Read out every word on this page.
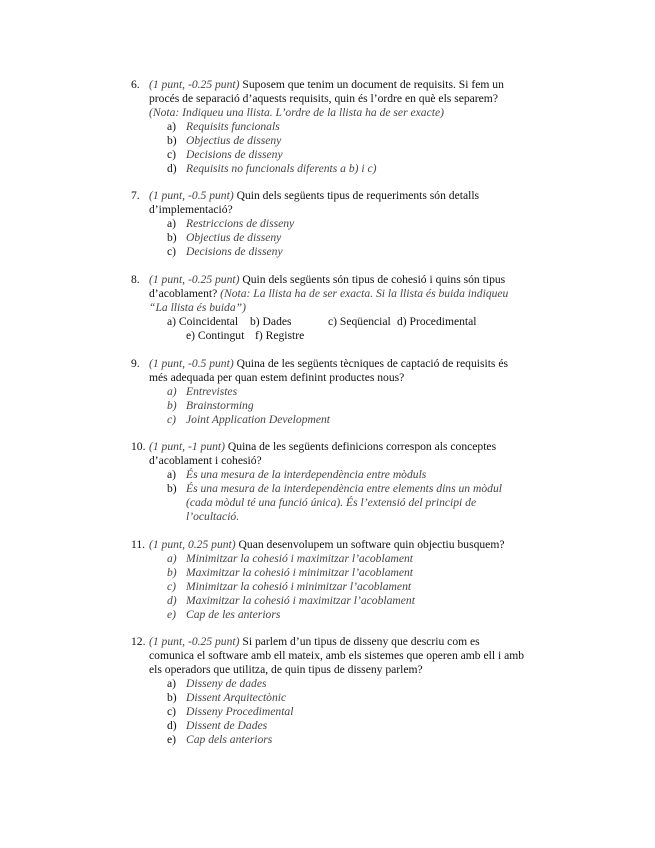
6. (1 punt, -0.25 punt) Suposem que tenim un document de requisits. Si fem un
procés de separació d’aquests requisits, quin és l’ordre en què els separem?
(Nota: Indiqueu una llista. L’ordre de la llista ha de ser exacte)
a) Requisits funcionals
b) Objectius de disseny
c) Decisions de disseny
d) Requisits no funcionals diferents a b) i c)
7. (1 punt, -0.5 punt) Quin dels següents tipus de requeriments són detalls
d’implementació?
a) Restriccions de disseny
b) Objectius de disseny
c) Decisions de disseny
8. (1 punt, -0.25 punt) Quin dels següents són tipus de cohesió i quins són tipus
d’acoblament? (Nota: La llista ha de ser exacta. Si la llista és buida indiqueu
“La llista és buida”)
a) Coincidental b) Dades	c) Seqüencial d) Procedimental
e) Contingut f) Registre
9. (1 punt, -0.5 punt) Quina de les següents tècniques de captació de requisits és
més adequada per quan estem definint productes nous?
a) Entrevistes
b) Brainstorming
c) Joint Application Development
10. (1 punt, -1 punt) Quina de les següents definicions correspon als conceptes
d’acoblament i cohesió?
a) És una mesura de la interdependència entre mòduls
b) És una mesura de la interdependència entre elements dins un mòdul
(cada mòdul té una funció única). És l’extensió del principi de
l’ocultació.
11. (1 punt, 0.25 punt) Quan desenvolupem un software quin objectiu busquem?
a) Minimitzar la cohesió i maximitzar l’acoblament
b) Maximitzar la cohesió i minimitzar l’acoblament
c) Minimitzar la cohesió i minimitzar l’acoblament
d) Maximitzar la cohesió i maximitzar l’acoblament
e) Cap de les anteriors
12. (1 punt, -0.25 punt) Si parlem d’un tipus de disseny que descriu com es
comunica el software amb ell mateix, amb els sistemes que operen amb ell i amb
els operadors que utilitza, de quin tipus de disseny parlem?
a) Disseny de dades
b) Dissent Arquitectònic
c) Disseny Procedimental
d) Dissent de Dades
e) Cap dels anteriors
